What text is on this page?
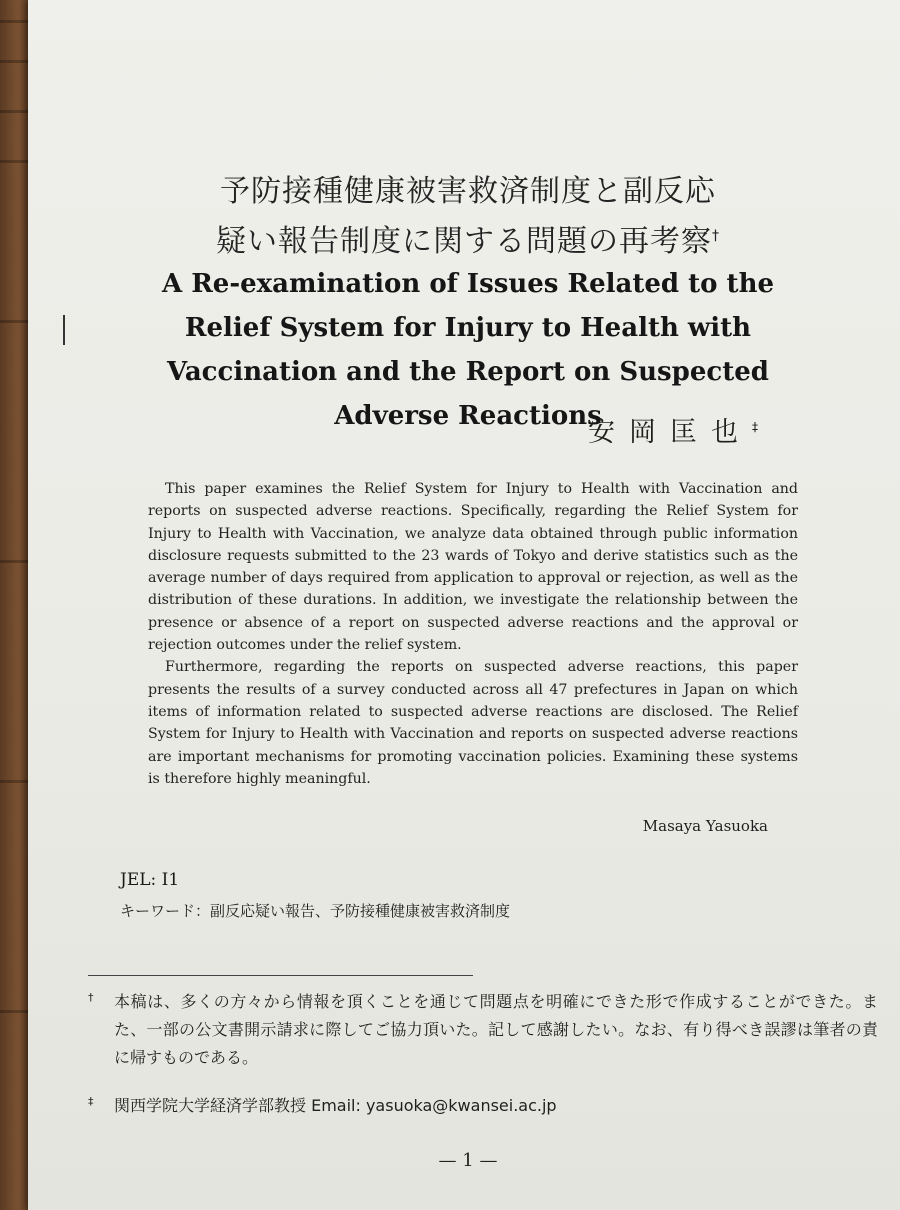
予防接種健康被害救済制度と副反応
疑い報告制度に関する問題の再考察†
A Re-examination of Issues Related to the
Relief System for Injury to Health with
Vaccination and the Report on Suspected
Adverse Reactions
安岡匡也‡

This paper examines the Relief System for Injury to Health with Vaccination and reports on suspected adverse reactions. Specifically, regarding the Relief System for Injury to Health with Vaccination, we analyze data obtained through public information disclosure requests submitted to the 23 wards of Tokyo and derive statistics such as the average number of days required from application to approval or rejection, as well as the distribution of these durations. In addition, we investigate the relationship between the presence or absence of a report on suspected adverse reactions and the approval or rejection outcomes under the relief system.

Furthermore, regarding the reports on suspected adverse reactions, this paper presents the results of a survey conducted across all 47 prefectures in Japan on which items of information related to suspected adverse reactions are disclosed. The Relief System for Injury to Health with Vaccination and reports on suspected adverse reactions are important mechanisms for promoting vaccination policies. Examining these systems is therefore highly meaningful.

Masaya Yasuoka
JEL: I1
キーワード：副反応疑い報告、予防接種健康被害救済制度
† 本稿は、多くの方々から情報を頂くことを通じて問題点を明確にできた形で作成することができた。また、一部の公文書開示請求に際してご協力頂いた。記して感謝したい。なお、有り得べき誤謬は筆者の責に帰すものである。
‡ 関西学院大学経済学部教授 Email: yasuoka@kwansei.ac.jp
— 1 —
